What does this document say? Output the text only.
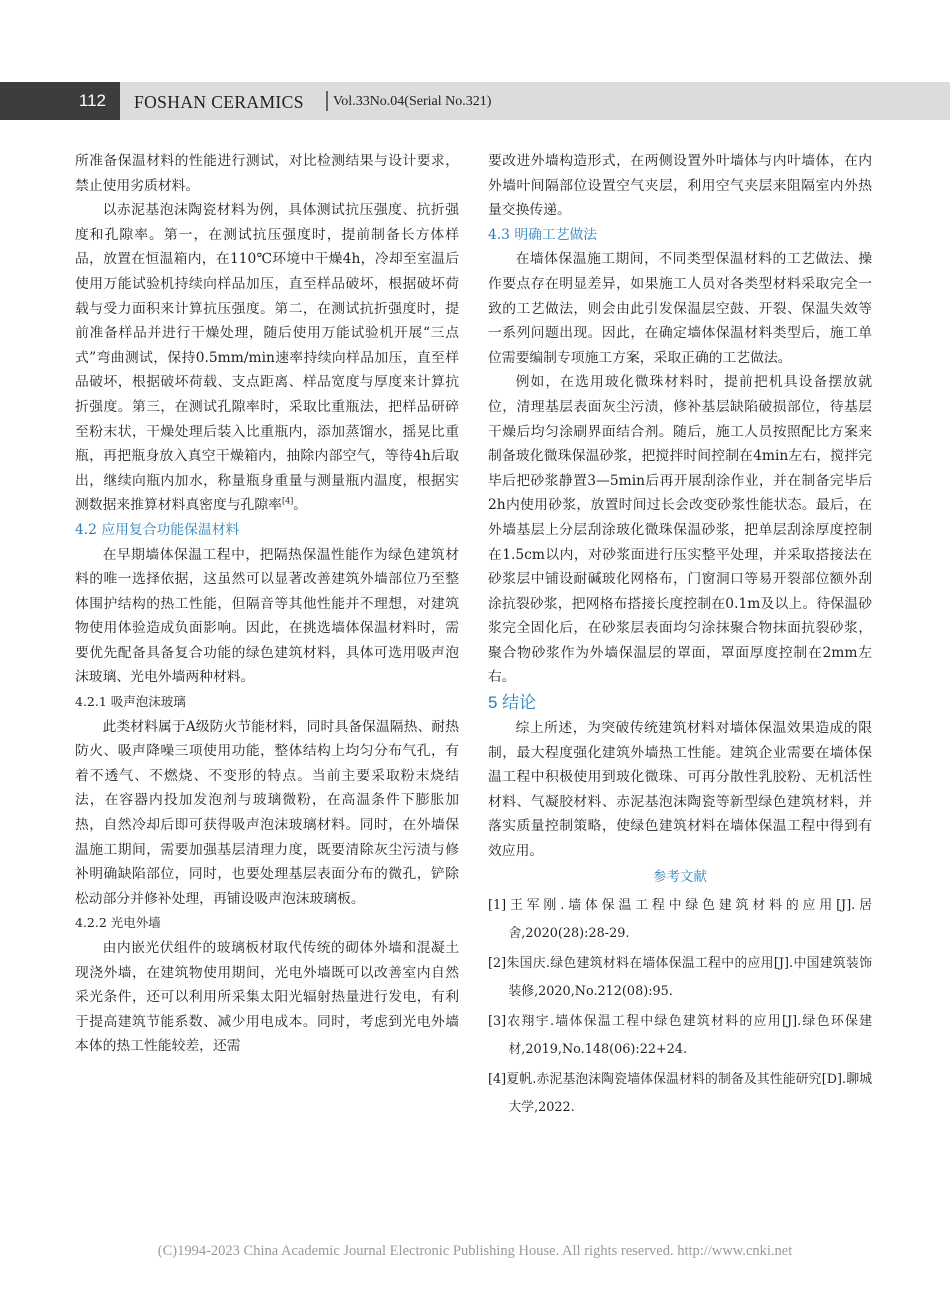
112	FOSHAN CERAMICS Vol.33No.04(Serial No.321)

所准备保温材料的性能进行测试，对比检测结果与设计要求，禁止使用劣质材料。

以赤泥基泡沫陶瓷材料为例，具体测试抗压强度、抗折强度和孔隙率。第一，在测试抗压强度时，提前制备长方体样品，放置在恒温箱内，在110℃环境中干燥4h，冷却至室温后使用万能试验机持续向样品加压，直至样品破坏，根据破坏荷载与受力面积来计算抗压强度。第二，在测试抗折强度时，提前准备样品并进行干燥处理，随后使用万能试验机开展“三点式”弯曲测试，保持0.5mm/min速率持续向样品加压，直至样品破坏，根据破坏荷载、支点距离、样品宽度与厚度来计算抗折强度。第三，在测试孔隙率时，采取比重瓶法，把样品研碎至粉末状，干燥处理后装入比重瓶内，添加蒸馏水，摇晃比重瓶，再把瓶身放入真空干燥箱内，抽除内部空气，等待4h后取出，继续向瓶内加水，称量瓶身重量与测量瓶内温度，根据实测数据来推算材料真密度与孔隙率[4]。

4.2 应用复合功能保温材料

在早期墙体保温工程中，把隔热保温性能作为绿色建筑材料的唯一选择依据，这虽然可以显著改善建筑外墙部位乃至整体围护结构的热工性能，但隔音等其他性能并不理想，对建筑物使用体验造成负面影响。因此，在挑选墙体保温材料时，需要优先配备具备复合功能的绿色建筑材料，具体可选用吸声泡沫玻璃、光电外墙两种材料。

4.2.1 吸声泡沫玻璃

此类材料属于A级防火节能材料，同时具备保温隔热、耐热防火、吸声降噪三项使用功能，整体结构上均匀分布气孔，有着不透气、不燃烧、不变形的特点。当前主要采取粉末烧结法，在容器内投加发泡剂与玻璃微粉，在高温条件下膨胀加热，自然冷却后即可获得吸声泡沫玻璃材料。同时，在外墙保温施工期间，需要加强基层清理力度，既要清除灰尘污渍与修补明确缺陷部位，同时，也要处理基层表面分布的微孔，铲除松动部分并修补处理，再铺设吸声泡沫玻璃板。

4.2.2 光电外墙

由内嵌光伏组件的玻璃板材取代传统的砌体外墙和混凝土现浇外墙，在建筑物使用期间，光电外墙既可以改善室内自然采光条件，还可以利用所采集太阳光辐射热量进行发电，有利于提高建筑节能系数、减少用电成本。同时，考虑到光电外墙本体的热工性能较差，还需

要改进外墙构造形式，在两侧设置外叶墙体与内叶墙体，在内外墙叶间隔部位设置空气夹层，利用空气夹层来阻隔室内外热量交换传递。

4.3 明确工艺做法

在墙体保温施工期间，不同类型保温材料的工艺做法、操作要点存在明显差异，如果施工人员对各类型材料采取完全一致的工艺做法，则会由此引发保温层空鼓、开裂、保温失效等一系列问题出现。因此，在确定墙体保温材料类型后，施工单位需要编制专项施工方案，采取正确的工艺做法。

例如，在选用玻化微珠材料时，提前把机具设备摆放就位，清理基层表面灰尘污渍，修补基层缺陷破损部位，待基层干燥后均匀涂刷界面结合剂。随后，施工人员按照配比方案来制备玻化微珠保温砂浆，把搅拌时间控制在4min左右，搅拌完毕后把砂浆静置3—5min后再开展刮涂作业，并在制备完毕后2h内使用砂浆，放置时间过长会改变砂浆性能状态。最后，在外墙基层上分层刮涂玻化微珠保温砂浆，把单层刮涂厚度控制在1.5cm以内，对砂浆面进行压实整平处理，并采取搭接法在砂浆层中铺设耐碱玻化网格布，门窗洞口等易开裂部位额外刮涂抗裂砂浆，把网格布搭接长度控制在0.1m及以上。待保温砂浆完全固化后，在砂浆层表面均匀涂抹聚合物抹面抗裂砂浆，聚合物砂浆作为外墙保温层的罩面，罩面厚度控制在2mm左右。

5 结论

综上所述，为突破传统建筑材料对墙体保温效果造成的限制，最大程度强化建筑外墙热工性能。建筑企业需要在墙体保温工程中积极使用到玻化微珠、可再分散性乳胶粉、无机活性材料、气凝胶材料、赤泥基泡沫陶瓷等新型绿色建筑材料，并落实质量控制策略，使绿色建筑材料在墙体保温工程中得到有效应用。

参考文献

[1]王军刚.墙体保温工程中绿色建筑材料的应用[J].居舍,2020(28):28-29.

[2]朱国庆.绿色建筑材料在墙体保温工程中的应用[J].中国建筑装饰装修,2020,No.212(08):95.

[3]农翔宇.墙体保温工程中绿色建筑材料的应用[J].绿色环保建材,2019,No.148(06):22+24.

[4]夏帆.赤泥基泡沫陶瓷墙体保温材料的制备及其性能研究[D].聊城大学,2022.

(C)1994-2023 China Academic Journal Electronic Publishing House. All rights reserved. http://www.cnki.net
